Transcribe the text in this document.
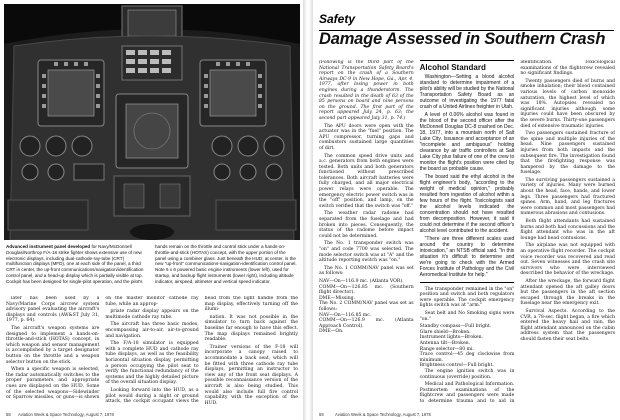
Advanced instrument panel developed for Navy/McDonnell Douglas/Northrop F/A-18 strike fighter shows extensive use of new electronic displays, including dual-cathode-ray-tube (CRT) multifunction displays (MFD), one at each side of the panel, a third CRT in center, the up-front communications/navigation/identification control panel, and a head-up display which is partially visible at top. Cockpit has been designed for single-pilot operation, and the pilot's hands remain on the throttle and control stick under a hands-on-throttle-and-stick (HOTAS) concept, with the upper portion of the panel using a combiner glass. Just beneath the HUD, at center, is the new "up-front" communications-navigation-identification control panel. Note 6 x 6 powered basic engine instruments (lower left), used for startup, and backup flight instruments (lower right), including altitude indicator, airspeed, altimeter and vertical speed indicator.

later has been used by a Navy/Marine Corps aircrew system advisory panel evaluating the aircraft's displays and controls (AW&ST July 31, 1977, p. 64).

The aircraft's weapon systems are designed to implement a hands-on-throttle-and-stick (HOTAS) concept, in which weapon and sensor management is accomplished by a target designator button on the throttle and a weapon selector button on the stick.

When a specific weapon is selected, the radar automatically switches to the proper parameters and appropriate cues are displayed on the HUD. Some of the selected weapons—Sidewinder or Sparrow missiles, or guns—is shown on the master monitor cathode ray tube, while an approp-

priate radar display appears on the multimode cathode ray tube.

The aircraft has three basic modes, encompassing air-to-air, air-to-ground and navigation.

The F/A-18 simulator is equipped with a complete HUD and cathode ray tube displays, as well as the feasibility horizontal situation display, permitting a person occupying the pilot seat to verify the functional redundancy of the systems and the highly detailed picture of the overall situation display.

Looking forward into the HUD, as a pilot would during a night or ground attack, the cockpit occupant views the head from the light handle from the map display, effectively turning off the illumi-

nation. It was not possible in the simulator to turn back against the baseline far enough to have this effect. The map displays remained brightly readable.

Trainer versions of the F-18 will incorporate a canopy raised to accommodate a back seat, which will be fitted with three cathode ray tube displays, permitting an instructor to view any of the front seat displays. A possible reconnaissance version of the aircraft is also being studied. This would also include full fire control capability with the exception of the HUD.

58 Aviation Week & Space Technology, August 7, 1978
Safety
Damage Assessed in Southern Crash

(Following is the third part of the National Transportation Safety Board's report on the crash of a Southern Airways DC-9 in New Hope, Ga., Apr. 4, 1977, after losing power in both engines during a thunderstorm. The crash resulted in the death of 63 of the 85 persons on board and nine persons on the ground. The first part of the report appeared July 24, p. 63; the second part appeared July 31, p. 74.)

The APU doors were open with the actuator was in the "fuel" position. The APU compressor, turning gaps and combustors sustained large quantities of dirt.

The common speed drive units and a.c. generators from both engines were tested. Both units and both generators functioned without prescribed tolerances. Both aircraft batteries were fully charged, and all major electrical power relays were operable. The emergency electric power switch was in the "off" position, and lamp, on the switch verified that the switch was "off."

The weather radar radome had separated from the fuselage and had broken into pieces. Consequently, the status of the radome before impact could not be determined.

The No. 1 transponder switch was "on" and code 7700 was selected. The mode selector switch was at "A" and the altitude reporting switch was "on."

The No. 1 COMM/NAV panel was set as follows:

NAV—On—116.9 mc. (Atlanta VOR).

COMM—On—126.85 mc. (Southern flight director).

DME—Missing.

The No. 2 COMM/NAV panel was set as follows:

NAV—On—116.85 mc.

COMM—On—126.9 mc. (Atlanta Approach Control).

DME—On.

Alcohol Standard

Washington—Setting a blood alcohol standard to determine impairment of a pilot's ability will be studied by the National Transportation Safety Board as an outcome of investigating the 1977 fatal crash of a United Airlines freighter in Utah.

A level of 0.06% alcohol was found in the blood of the second officer after the McDonnell Douglas DC-8 crashed on Dec. 18, 1977, into a mountain north of Salt Lake City. Issuance and acceptance of an "incomplete and ambiguous" holding clearance by air traffic controllers at Salt Lake City plus failure of one of the crew to monitor the flight's position were cited by the board as probable cause.

The board said the ethyl alcohol in the flight engineer's body, "according to the weight of medical opinion," probably resulted from ingestion of alcohol within a few hours of the flight. Toxicologists said the alcohol levels indicated the concentration should not have resulted from decomposition. However, it said it could not determine if the second officer's alcohol level contributed to the accident.

"There are three different scales used around the country to determine intoxication," an NTSB official said. "In this situation it's difficult to determine and we're going to check with the Armed Forces Institute of Pathology and the Civil Aeromedical Institute for help."

The transponder remained in the "on" position and switch and both regulators were operable. The cockpit emergency lights switch was at "arm."

Seat belt and No Smoking signs were "on."

Standby compass—Full bright.

Glare shield—Broken.

Instrument lights—Broken.

Antenna tilt—Broken.

Range selector—80 mi.

Trace control—45 deg clockwise from minimum.

Brightness control—Full bright.

The engine ignition switch was in continuous (override) position.

Medical and Pathological Information. Postmortem examinations of the flightcrew and passengers were made to determine trauma and to aid in identification. Toxicological examinations of the flightcrew revealed no significant findings.

Twenty passengers died of burns and smoke inhalation; their blood contained various levels of carbon monoxide saturation, the highest level of which was 18%. Autopsies revealed no significant injuries although some injuries could have been obscured by the severe burns. Thirty-one passengers died of extensive traumatic injuries.

Two passengers sustained fracture of the spine and multiple injuries of the head. Nine passengers sustained injuries from both impacts and the subsequent fire. The investigation found that the firefighting response was hampered by the damage to the fuselage.

The surviving passengers sustained a variety of injuries. Many were burned about the head, face, hands, and lower legs. Three passengers had fractured spines. Arm, hand, and leg fractures were common and most passengers had numerous abrasions and contusions.

Both flight attendants had sustained burns and both had concussions and the flight attendant who was in the aft lounge had head contusions.

The airplane was not equipped with an operative flight recorder. The cockpit voice recorder was recovered and read out. Seven witnesses and the crash site survivors who were interviewed described the behavior of the wreckage.

After the wreckage, the forward flight attendant opened the aft galley doors but the passengers in the aft section escaped through the breaks in the fuselage near the emergency exit.

Survival Aspects. According to the CVR, a 78-sec. flight began, a fire which entered the heavy hail and rain, the flight attendant announced on the cabin address system that the passengers should fasten their seat belts.

59	Aviation Week & Space Technology, August 7, 1978
